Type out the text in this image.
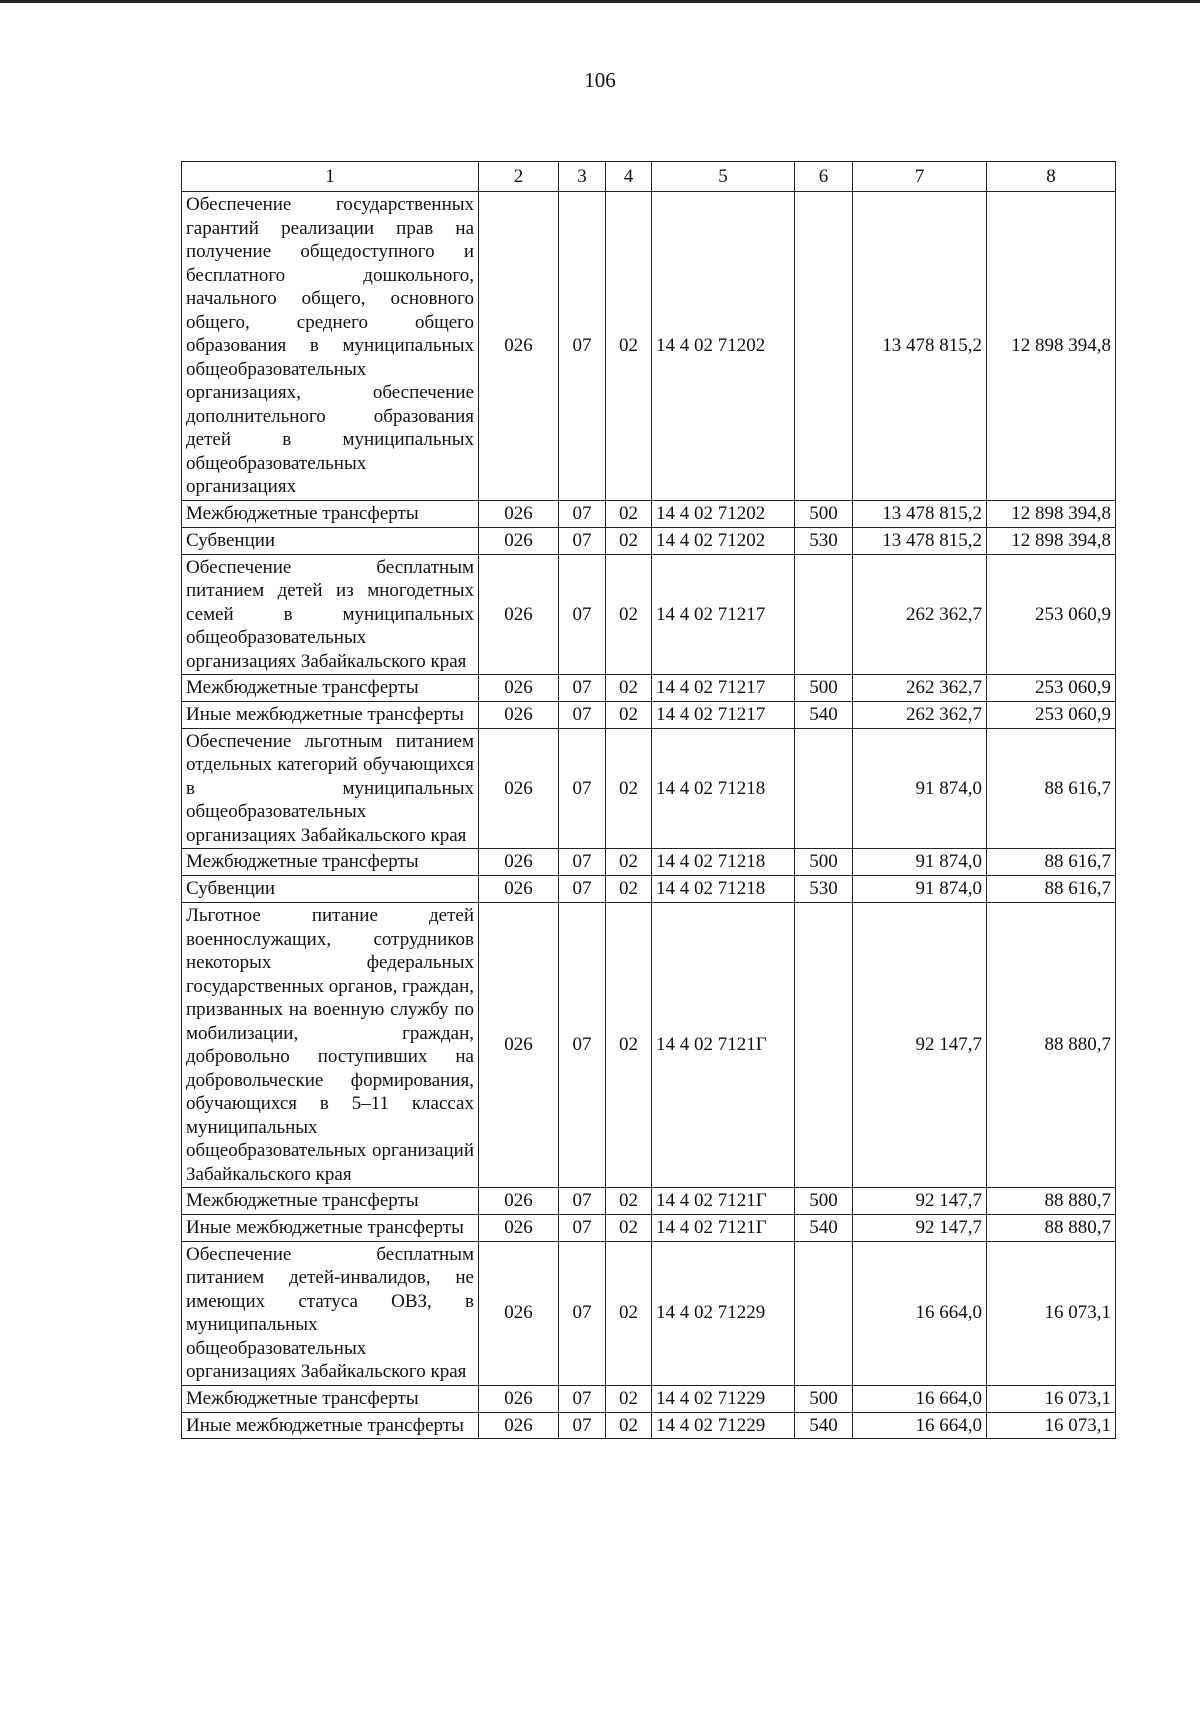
106
1	2	3	4	5	6	7	8
Обеспечение государственных гарантий реализации прав на получение общедоступного и бесплатного дошкольного, начального общего, основного общего, среднего общего образования в муниципальных общеобразовательных организациях, обеспечение дополнительного образования детей в муниципальных общеобразовательных организациях	026	07	02	14 4 02 71202		13 478 815,2	12 898 394,8
Межбюджетные трансферты	026	07	02	14 4 02 71202	500	13 478 815,2	12 898 394,8
Субвенции	026	07	02	14 4 02 71202	530	13 478 815,2	12 898 394,8
Обеспечение бесплатным питанием детей из многодетных семей в муниципальных общеобразовательных организациях Забайкальского края	026	07	02	14 4 02 71217		262 362,7	253 060,9
Межбюджетные трансферты	026	07	02	14 4 02 71217	500	262 362,7	253 060,9
Иные межбюджетные трансферты	026	07	02	14 4 02 71217	540	262 362,7	253 060,9
Обеспечение льготным питанием отдельных категорий обучающихся в муниципальных общеобразовательных организациях Забайкальского края	026	07	02	14 4 02 71218		91 874,0	88 616,7
Межбюджетные трансферты	026	07	02	14 4 02 71218	500	91 874,0	88 616,7
Субвенции	026	07	02	14 4 02 71218	530	91 874,0	88 616,7
Льготное питание детей военнослужащих, сотрудников некоторых федеральных государственных органов, граждан, призванных на военную службу по мобилизации, граждан, добровольно поступивших на добровольческие формирования, обучающихся в 5–11 классах муниципальных общеобразовательных организаций Забайкальского края	026	07	02	14 4 02 7121Г		92 147,7	88 880,7
Межбюджетные трансферты	026	07	02	14 4 02 7121Г	500	92 147,7	88 880,7
Иные межбюджетные трансферты	026	07	02	14 4 02 7121Г	540	92 147,7	88 880,7
Обеспечение бесплатным питанием детей-инвалидов, не имеющих статуса ОВЗ, в муниципальных общеобразовательных организациях Забайкальского края	026	07	02	14 4 02 71229		16 664,0	16 073,1
Межбюджетные трансферты	026	07	02	14 4 02 71229	500	16 664,0	16 073,1
Иные межбюджетные трансферты	026	07	02	14 4 02 71229	540	16 664,0	16 073,1
